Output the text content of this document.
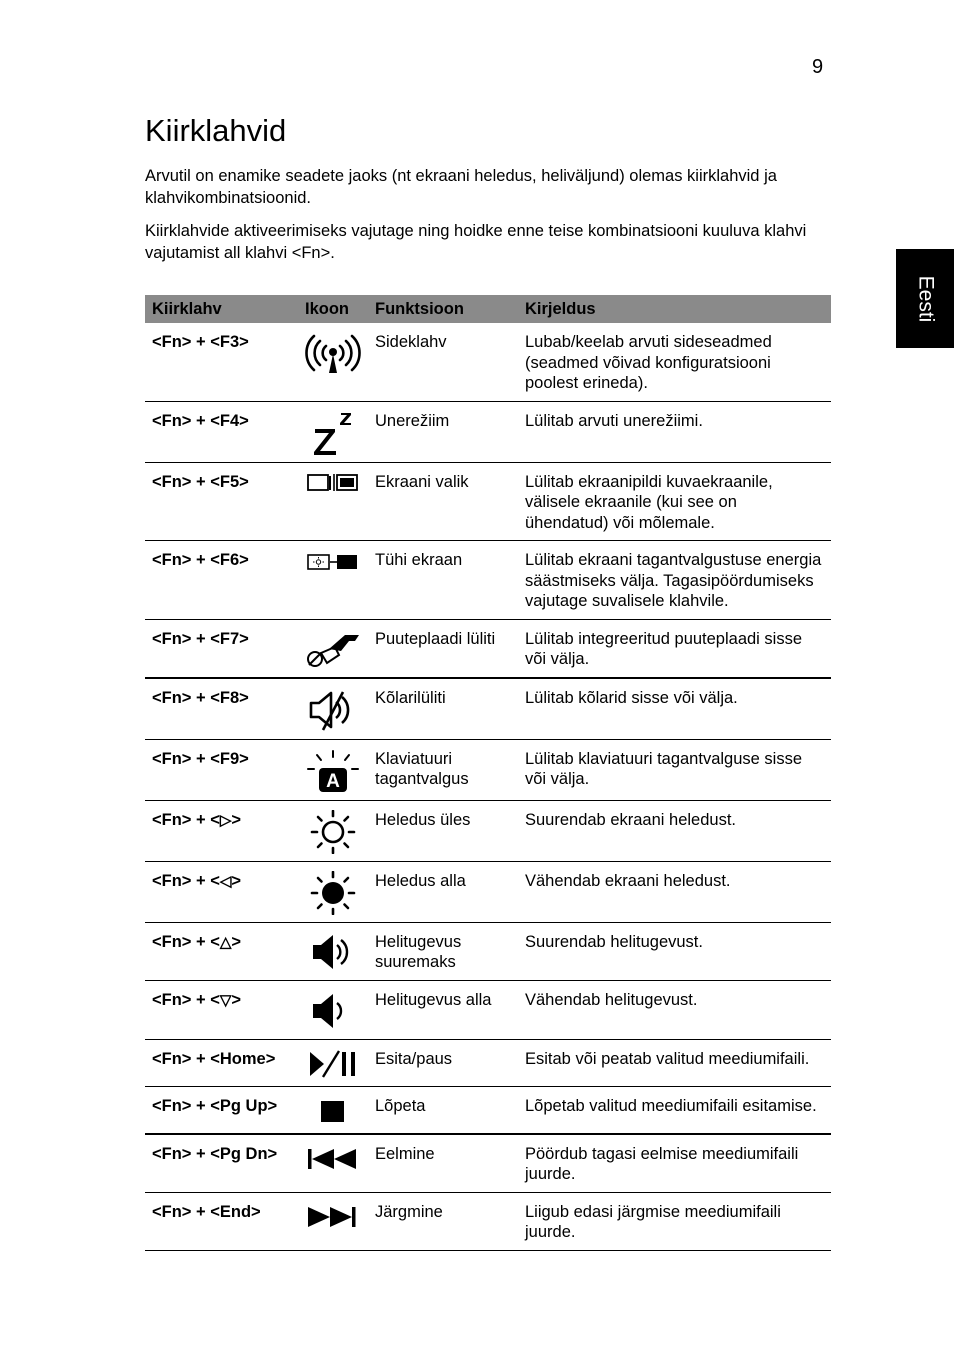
9
Kiirklahvid

Arvutil on enamike seadete jaoks (nt ekraani heledus, heliväljund) olemas kiirklahvid ja klahvikombinatsioonid.

Kiirklahvide aktiveerimiseks vajutage ning hoidke enne teise kombinatsiooni kuuluva klahvi vajutamist all klahvi <Fn>.

Eesti
Kiirklahv	Ikoon	Funktsioon	Kirjeldus
<Fn> + <F3>		Sideklahv	Lubab/keelab arvuti sideseadmed (seadmed võivad konfiguratsiooni poolest erineda).
<Fn> + <F4>		Unerežiim	Lülitab arvuti unerežiimi.
<Fn> + <F5>		Ekraani valik	Lülitab ekraanipildi kuvaekraanile, välisele ekraanile (kui see on ühendatud) või mõlemale.
<Fn> + <F6>		Tühi ekraan	Lülitab ekraani tagantvalgustuse energia säästmiseks välja. Tagasipöördumiseks vajutage suvalisele klahvile.
<Fn> + <F7>		Puuteplaadi lüliti	Lülitab integreeritud puuteplaadi sisse või välja.
<Fn> + <F8>		Kõlarilüliti	Lülitab kõlarid sisse või välja.
<Fn> + <F9>	A	Klaviatuuri tagantvalgus	Lülitab klaviatuuri tagantvalguse sisse või välja.
<Fn> + <▷>		Heledus üles	Suurendab ekraani heledust.
<Fn> + <◁>		Heledus alla	Vähendab ekraani heledust.
<Fn> + <△>		Helitugevus suuremaks	Suurendab helitugevust.
<Fn> + <▽>		Helitugevus alla	Vähendab helitugevust.
<Fn> + <Home>		Esita/paus	Esitab või peatab valitud meediumifaili.
<Fn> + <Pg Up>		Lõpeta	Lõpetab valitud meediumifaili esitamise.
<Fn> + <Pg Dn>		Eelmine	Pöördub tagasi eelmise meediumifaili juurde.
<Fn> + <End>		Järgmine	Liigub edasi järgmise meediumifaili juurde.
